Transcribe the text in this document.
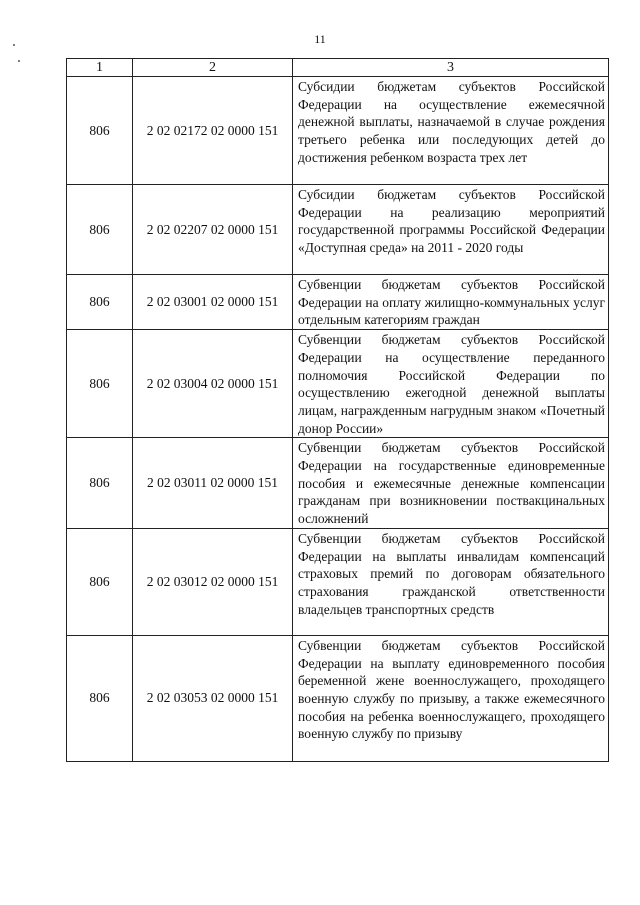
11
1	2	3
806	2 02 02172 02 0000 151	Субсидии бюджетам субъектов Российской Федерации на осуществление ежемесячной денежной выплаты, назначаемой в случае рождения третьего ребенка или последующих детей до достижения ребенком возраста трех лет
806	2 02 02207 02 0000 151	Субсидии бюджетам субъектов Российской Федерации на реализацию мероприятий государственной программы Российской Федерации «Доступная среда» на 2011 - 2020 годы
806	2 02 03001 02 0000 151	Субвенции бюджетам субъектов Российской Федерации на оплату жилищно-коммунальных услуг отдельным категориям граждан
806	2 02 03004 02 0000 151	Субвенции бюджетам субъектов Российской Федерации на осуществление переданного полномочия Российской Федерации по осуществлению ежегодной денежной выплаты лицам, награжденным нагрудным знаком «Почетный донор России»
806	2 02 03011 02 0000 151	Субвенции бюджетам субъектов Российской Федерации на государственные единовременные пособия и ежемесячные денежные компенсации гражданам при возникновении поствакцинальных осложнений
806	2 02 03012 02 0000 151	Субвенции бюджетам субъектов Российской Федерации на выплаты инвалидам компенсаций страховых премий по договорам обязательного страхования гражданской ответственности владельцев транспортных средств
806	2 02 03053 02 0000 151	Субвенции бюджетам субъектов Российской Федерации на выплату единовременного пособия беременной жене военнослужащего, проходящего военную службу по призыву, а также ежемесячного пособия на ребенка военнослужащего, проходящего военную службу по призыву
